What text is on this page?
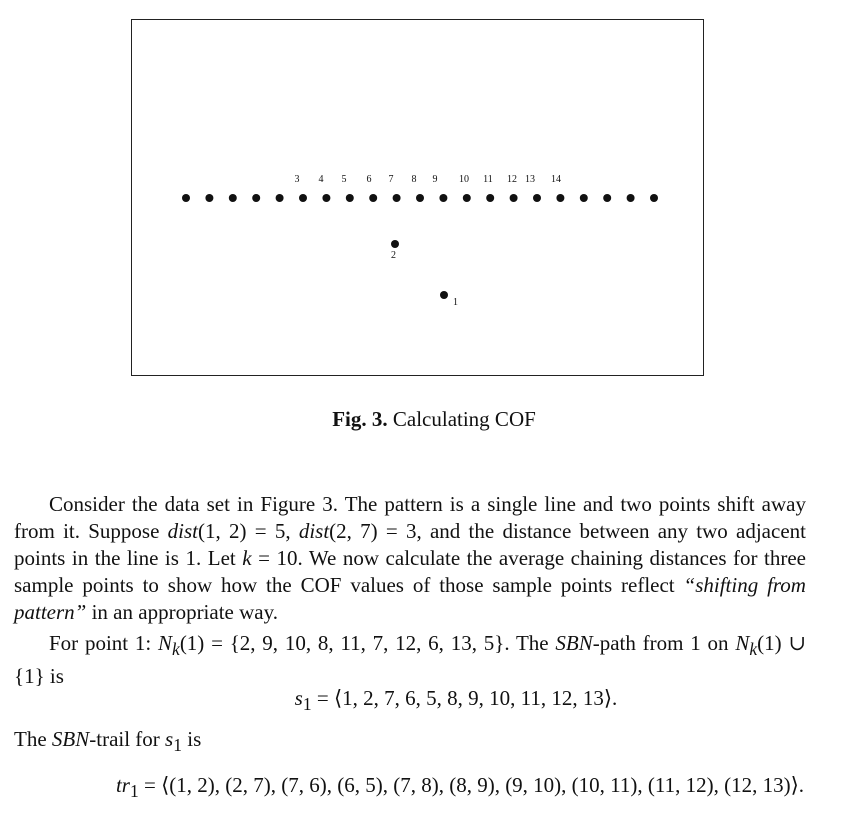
3 4 5 6 7 8 9 10 11 12 13 14
2
1
Fig. 3. Calculating COF

Consider the data set in Figure 3. The pattern is a single line and two points shift away from it. Suppose dist(1, 2) = 5, dist(2, 7) = 3, and the distance between any two adjacent points in the line is 1. Let k = 10. We now calculate the average chaining distances for three sample points to show how the COF values of those sample points reflect “shifting from pattern” in an appropriate way.

For point 1: $N_k(1) = \{2$, 9, 10, 8, 11, 7, 12, 6, 13, 5}. The SBN-path from 1 on $N_k(1)$ ∪ {1} is

$s_1$ = ⟨1, 2, 7, 6, 5, 8, 9, 10, 11, 12, 13⟩.

The SBN-trail for $s_1$ is

$tr_1$ = ⟨(1, 2), (2, 7), (7, 6), (6, 5), (7, 8), (8, 9), (9, 10), (10, 11), (11, 12), (12, 13)⟩.
